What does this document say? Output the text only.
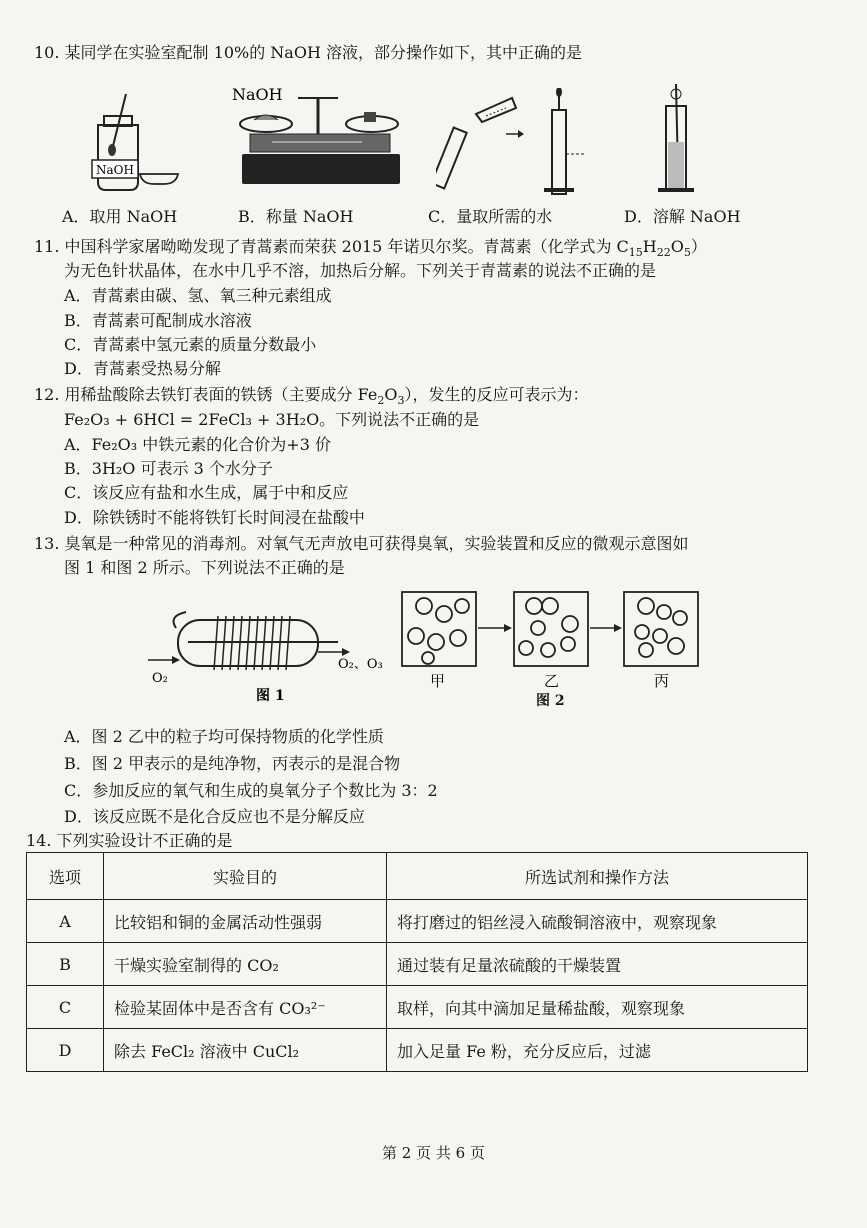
10. 某同学在实验室配制 10%的 NaOH 溶液，部分操作如下，其中正确的是
NaOH
NaOH
A．取用 NaOH	B．称量 NaOH	C．量取所需的水	D．溶解 NaOH
11. 中国科学家屠呦呦发现了青蒿素而荣获 2015 年诺贝尔奖。青蒿素（化学式为 $C_{15}H_{22}O_5$）
为无色针状晶体，在水中几乎不溶，加热后分解。下列关于青蒿素的说法不正确的是
A．青蒿素由碳、氢、氧三种元素组成
B．青蒿素可配制成水溶液
C．青蒿素中氢元素的质量分数最小
D．青蒿素受热易分解
12. 用稀盐酸除去铁钉表面的铁锈（主要成分 $Fe_2O_3$），发生的反应可表示为：
Fe₂O₃ + 6HCl = 2FeCl₃ + 3H₂O。下列说法不正确的是
A．Fe₂O₃ 中铁元素的化合价为+3 价
B．3H₂O 可表示 3 个水分子
C．该反应有盐和水生成，属于中和反应
D．除铁锈时不能将铁钉长时间浸在盐酸中
13. 臭氧是一种常见的消毒剂。对氧气无声放电可获得臭氧，实验装置和反应的微观示意图如
图 1 和图 2 所示。下列说法不正确的是
O₂
O₂、O₃
图 1
甲	乙	丙
图 2
A．图 2 乙中的粒子均可保持物质的化学性质
B．图 2 甲表示的是纯净物，丙表示的是混合物
C．参加反应的氧气和生成的臭氧分子个数比为 3：2
D．该反应既不是化合反应也不是分解反应
14. 下列实验设计不正确的是
选项	实验目的	所选试剂和操作方法
A	比较铝和铜的金属活动性强弱	将打磨过的铝丝浸入硫酸铜溶液中，观察现象
B	干燥实验室制得的 CO₂	通过装有足量浓硫酸的干燥装置
C	检验某固体中是否含有 CO₃²⁻	取样，向其中滴加足量稀盐酸，观察现象
D	除去 FeCl₂ 溶液中 CuCl₂	加入足量 Fe 粉，充分反应后，过滤
第 2 页 共 6 页
